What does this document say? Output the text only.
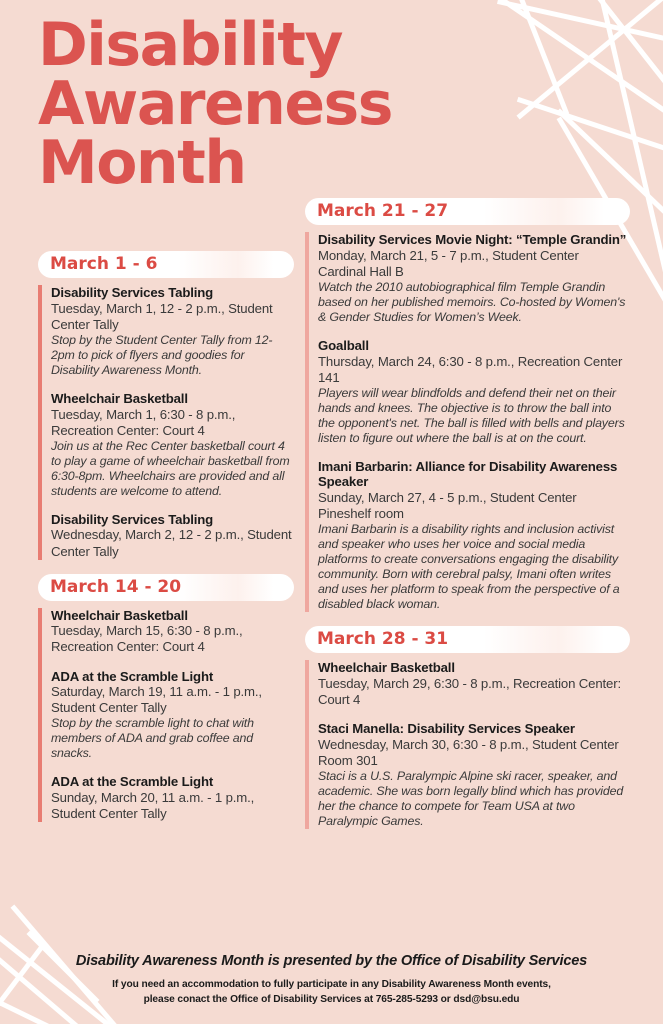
Disability
Awareness
Month
March 1 - 6
Disability Services Tabling
Tuesday, March 1, 12 - 2 p.m., Student Center Tally
Stop by the Student Center Tally from 12-2pm to pick of flyers and goodies for Disability Awareness Month.
Wheelchair Basketball
Tuesday, March 1, 6:30 - 8 p.m., Recreation Center: Court 4
Join us at the Rec Center basketball court 4 to play a game of wheelchair basketball from 6:30-8pm. Wheelchairs are provided and all students are welcome to attend.
Disability Services Tabling
Wednesday, March 2, 12 - 2 p.m., Student Center Tally
March 14 - 20
Wheelchair Basketball
Tuesday, March 15, 6:30 - 8 p.m., Recreation Center: Court 4
ADA at the Scramble Light
Saturday, March 19, 11 a.m. - 1 p.m., Student Center Tally
Stop by the scramble light to chat with members of ADA and grab coffee and snacks.
ADA at the Scramble Light
Sunday, March 20, 11 a.m. - 1 p.m., Student Center Tally
March 21 - 27
Disability Services Movie Night: “Temple Grandin”
Monday, March 21, 5 - 7 p.m., Student Center Cardinal Hall B
Watch the 2010 autobiographical film Temple Grandin based on her published memoirs. Co-hosted by Women's & Gender Studies for Women’s Week.
Goalball
Thursday, March 24, 6:30 - 8 p.m., Recreation Center 141
Players will wear blindfolds and defend their net on their hands and knees. The objective is to throw the ball into the opponent's net. The ball is filled with bells and players listen to figure out where the ball is at on the court.
Imani Barbarin: Alliance for Disability Awareness Speaker
Sunday, March 27, 4 - 5 p.m., Student Center Pineshelf room
Imani Barbarin is a disability rights and inclusion activist and speaker who uses her voice and social media platforms to create conversations engaging the disability community. Born with cerebral palsy, Imani often writes and uses her platform to speak from the perspective of a disabled black woman.
March 28 - 31
Wheelchair Basketball
Tuesday, March 29, 6:30 - 8 p.m., Recreation Center: Court 4
Staci Manella: Disability Services Speaker
Wednesday, March 30, 6:30 - 8 p.m., Student Center Room 301
Staci is a U.S. Paralympic Alpine ski racer, speaker, and academic. She was born legally blind which has provided her the chance to compete for Team USA at two Paralympic Games.
Disability Awareness Month is presented by the Office of Disability Services
If you need an accommodation to fully participate in any Disability Awareness Month events,
please conact the Office of Disability Services at 765-285-5293 or dsd@bsu.edu
